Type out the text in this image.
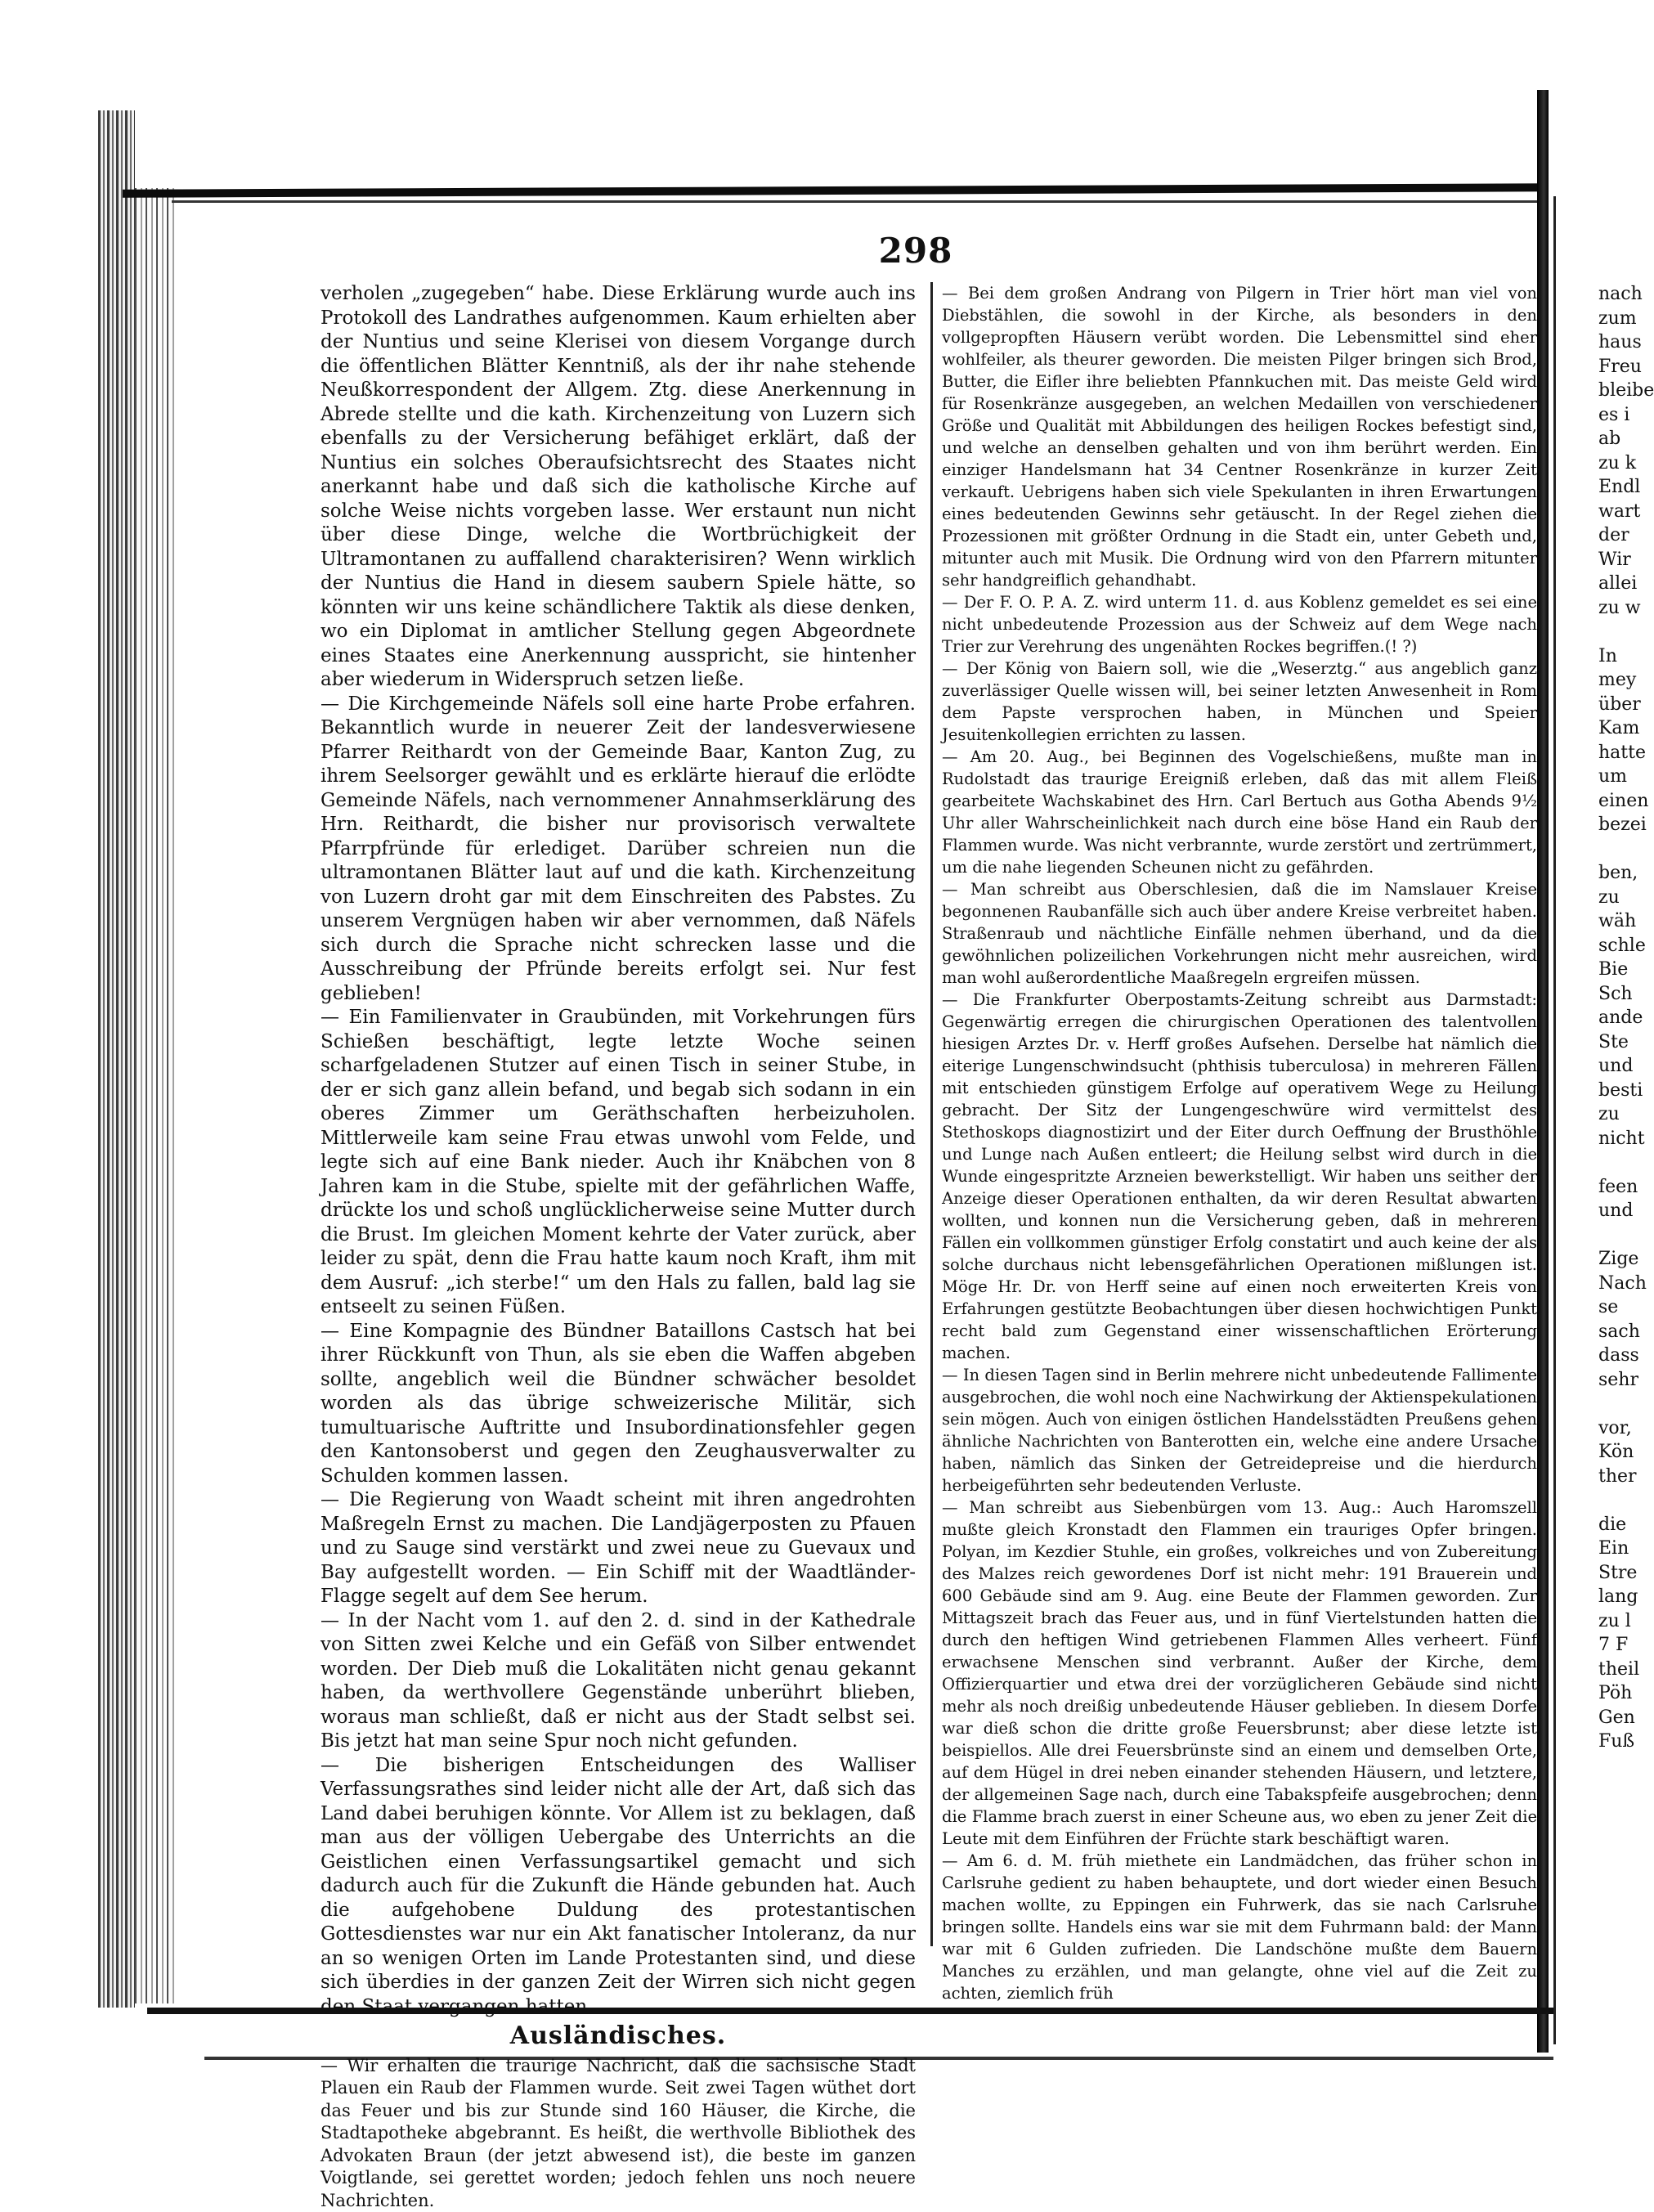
298

verholen „zugegeben“ habe. Diese Erklärung wurde auch ins Protokoll des Landrathes aufgenommen. Kaum erhielten aber der Nuntius und seine Klerisei von diesem Vorgange durch die öffentlichen Blätter Kenntniß, als der ihr nahe stehende Neußkorrespondent der Allgem. Ztg. diese Anerkennung in Abrede stellte und die kath. Kirchenzeitung von Luzern sich ebenfalls zu der Versicherung befähiget erklärt, daß der Nuntius ein solches Oberaufsichtsrecht des Staates nicht anerkannt habe und daß sich die katholische Kirche auf solche Weise nichts vorgeben lasse. Wer erstaunt nun nicht über diese Dinge, welche die Wortbrüchigkeit der Ultramontanen zu auffallend charakterisiren? Wenn wirklich der Nuntius die Hand in diesem saubern Spiele hätte, so könnten wir uns keine schändlichere Taktik als diese denken, wo ein Diplomat in amtlicher Stellung gegen Abgeordnete eines Staates eine Anerkennung ausspricht, sie hintenher aber wiederum in Widerspruch setzen ließe.

— Die Kirchgemeinde Näfels soll eine harte Probe erfahren. Bekanntlich wurde in neuerer Zeit der landesverwiesene Pfarrer Reithardt von der Gemeinde Baar, Kanton Zug, zu ihrem Seelsorger gewählt und es erklärte hierauf die erlödte Gemeinde Näfels, nach vernommener Annahmserklärung des Hrn. Reithardt, die bisher nur provisorisch verwaltete Pfarrpfründe für erlediget. Darüber schreien nun die ultramontanen Blätter laut auf und die kath. Kirchenzeitung von Luzern droht gar mit dem Einschreiten des Pabstes. Zu unserem Vergnügen haben wir aber vernommen, daß Näfels sich durch die Sprache nicht schrecken lasse und die Ausschreibung der Pfründe bereits erfolgt sei. Nur fest geblieben!

— Ein Familienvater in Graubünden, mit Vorkehrungen fürs Schießen beschäftigt, legte letzte Woche seinen scharfgeladenen Stutzer auf einen Tisch in seiner Stube, in der er sich ganz allein befand, und begab sich sodann in ein oberes Zimmer um Geräthschaften herbeizuholen. Mittlerweile kam seine Frau etwas unwohl vom Felde, und legte sich auf eine Bank nieder. Auch ihr Knäbchen von 8 Jahren kam in die Stube, spielte mit der gefährlichen Waffe, drückte los und schoß unglücklicherweise seine Mutter durch die Brust. Im gleichen Moment kehrte der Vater zurück, aber leider zu spät, denn die Frau hatte kaum noch Kraft, ihm mit dem Ausruf: „ich sterbe!“ um den Hals zu fallen, bald lag sie entseelt zu seinen Füßen.

— Eine Kompagnie des Bündner Bataillons Castsch hat bei ihrer Rückkunft von Thun, als sie eben die Waffen abgeben sollte, angeblich weil die Bündner schwächer besoldet worden als das übrige schweizerische Militär, sich tumultuarische Auftritte und Insubordinationsfehler gegen den Kantonsoberst und gegen den Zeughausverwalter zu Schulden kommen lassen.

— Die Regierung von Waadt scheint mit ihren angedrohten Maßregeln Ernst zu machen. Die Landjägerposten zu Pfauen und zu Sauge sind verstärkt und zwei neue zu Guevaux und Bay aufgestellt worden. — Ein Schiff mit der Waadtländer-Flagge segelt auf dem See herum.

— In der Nacht vom 1. auf den 2. d. sind in der Kathedrale von Sitten zwei Kelche und ein Gefäß von Silber entwendet worden. Der Dieb muß die Lokalitäten nicht genau gekannt haben, da werthvollere Gegenstände unberührt blieben, woraus man schließt, daß er nicht aus der Stadt selbst sei. Bis jetzt hat man seine Spur noch nicht gefunden.

— Die bisherigen Entscheidungen des Walliser Verfassungsrathes sind leider nicht alle der Art, daß sich das Land dabei beruhigen könnte. Vor Allem ist zu beklagen, daß man aus der völligen Uebergabe des Unterrichts an die Geistlichen einen Verfassungsartikel gemacht und sich dadurch auch für die Zukunft die Hände gebunden hat. Auch die aufgehobene Duldung des protestantischen Gottesdienstes war nur ein Akt fanatischer Intoleranz, da nur an so wenigen Orten im Lande Protestanten sind, und diese sich überdies in der ganzen Zeit der Wirren sich nicht gegen den Staat vergangen hatten.

Ausländisches.

— Wir erhalten die traurige Nachricht, daß die sächsische Stadt Plauen ein Raub der Flammen wurde. Seit zwei Tagen wüthet dort das Feuer und bis zur Stunde sind 160 Häuser, die Kirche, die Stadtapotheke abgebrannt. Es heißt, die werthvolle Bibliothek des Advokaten Braun (der jetzt abwesend ist), die beste im ganzen Voigtlande, sei gerettet worden; jedoch fehlen uns noch neuere Nachrichten.

— Bei dem großen Andrang von Pilgern in Trier hört man viel von Diebstählen, die sowohl in der Kirche, als besonders in den vollgepropften Häusern verübt worden. Die Lebensmittel sind eher wohlfeiler, als theurer geworden. Die meisten Pilger bringen sich Brod, Butter, die Eifler ihre beliebten Pfannkuchen mit. Das meiste Geld wird für Rosenkränze ausgegeben, an welchen Medaillen von verschiedener Größe und Qualität mit Abbildungen des heiligen Rockes befestigt sind, und welche an denselben gehalten und von ihm berührt werden. Ein einziger Handelsmann hat 34 Centner Rosenkränze in kurzer Zeit verkauft. Uebrigens haben sich viele Spekulanten in ihren Erwartungen eines bedeutenden Gewinns sehr getäuscht. In der Regel ziehen die Prozessionen mit größter Ordnung in die Stadt ein, unter Gebeth und, mitunter auch mit Musik. Die Ordnung wird von den Pfarrern mitunter sehr handgreiflich gehandhabt.

— Der F. O. P. A. Z. wird unterm 11. d. aus Koblenz gemeldet es sei eine nicht unbedeutende Prozession aus der Schweiz auf dem Wege nach Trier zur Verehrung des ungenähten Rockes begriffen.(! ?)

— Der König von Baiern soll, wie die „Weserztg.“ aus angeblich ganz zuverlässiger Quelle wissen will, bei seiner letzten Anwesenheit in Rom dem Papste versprochen haben, in München und Speier Jesuitenkollegien errichten zu lassen.

— Am 20. Aug., bei Beginnen des Vogelschießens, mußte man in Rudolstadt das traurige Ereigniß erleben, daß das mit allem Fleiß gearbeitete Wachskabinet des Hrn. Carl Bertuch aus Gotha Abends 9½ Uhr aller Wahrscheinlichkeit nach durch eine böse Hand ein Raub der Flammen wurde. Was nicht verbrannte, wurde zerstört und zertrümmert, um die nahe liegenden Scheunen nicht zu gefährden.

— Man schreibt aus Oberschlesien, daß die im Namslauer Kreise begonnenen Raubanfälle sich auch über andere Kreise verbreitet haben. Straßenraub und nächtliche Einfälle nehmen überhand, und da die gewöhnlichen polizeilichen Vorkehrungen nicht mehr ausreichen, wird man wohl außerordentliche Maaßregeln ergreifen müssen.

— Die Frankfurter Oberpostamts-Zeitung schreibt aus Darmstadt: Gegenwärtig erregen die chirurgischen Operationen des talentvollen hiesigen Arztes Dr. v. Herff großes Aufsehen. Derselbe hat nämlich die eiterige Lungenschwindsucht (phthisis tuberculosa) in mehreren Fällen mit entschieden günstigem Erfolge auf operativem Wege zu Heilung gebracht. Der Sitz der Lungengeschwüre wird vermittelst des Stethoskops diagnostizirt und der Eiter durch Oeffnung der Brusthöhle und Lunge nach Außen entleert; die Heilung selbst wird durch in die Wunde eingespritzte Arzneien bewerkstelligt. Wir haben uns seither der Anzeige dieser Operationen enthalten, da wir deren Resultat abwarten wollten, und konnen nun die Versicherung geben, daß in mehreren Fällen ein vollkommen günstiger Erfolg constatirt und auch keine der als solche durchaus nicht lebensgefährlichen Operationen mißlungen ist. Möge Hr. Dr. von Herff seine auf einen noch erweiterten Kreis von Erfahrungen gestützte Beobachtungen über diesen hochwichtigen Punkt recht bald zum Gegenstand einer wissenschaftlichen Erörterung machen.

— In diesen Tagen sind in Berlin mehrere nicht unbedeutende Fallimente ausgebrochen, die wohl noch eine Nachwirkung der Aktienspekulationen sein mögen. Auch von einigen östlichen Handelsstädten Preußens gehen ähnliche Nachrichten von Banterotten ein, welche eine andere Ursache haben, nämlich das Sinken der Getreidepreise und die hierdurch herbeigeführten sehr bedeutenden Verluste.

— Man schreibt aus Siebenbürgen vom 13. Aug.: Auch Haromszell mußte gleich Kronstadt den Flammen ein trauriges Opfer bringen. Polyan, im Kezdier Stuhle, ein großes, volkreiches und von Zubereitung des Malzes reich gewordenes Dorf ist nicht mehr: 191 Brauerein und 600 Gebäude sind am 9. Aug. eine Beute der Flammen geworden. Zur Mittagszeit brach das Feuer aus, und in fünf Viertelstunden hatten die durch den heftigen Wind getriebenen Flammen Alles verheert. Fünf erwachsene Menschen sind verbrannt. Außer der Kirche, dem Offizierquartier und etwa drei der vorzüglicheren Gebäude sind nicht mehr als noch dreißig unbedeutende Häuser geblieben. In diesem Dorfe war dieß schon die dritte große Feuersbrunst; aber diese letzte ist beispiellos. Alle drei Feuersbrünste sind an einem und demselben Orte, auf dem Hügel in drei neben einander stehenden Häusern, und letztere, der allgemeinen Sage nach, durch eine Tabakspfeife ausgebrochen; denn die Flamme brach zuerst in einer Scheune aus, wo eben zu jener Zeit die Leute mit dem Einführen der Früchte stark beschäftigt waren.

— Am 6. d. M. früh miethete ein Landmädchen, das früher schon in Carlsruhe gedient zu haben behauptete, und dort wieder einen Besuch machen wollte, zu Eppingen ein Fuhrwerk, das sie nach Carlsruhe bringen sollte. Handels eins war sie mit dem Fuhrmann bald: der Mann war mit 6 Gulden zufrieden. Die Landschöne mußte dem Bauern Manches zu erzählen, und man gelangte, ohne viel auf die Zeit zu achten, ziemlich früh

nach
zum
haus
Freu
bleibe
es i
ab
zu k
Endl
wart
der
Wir
allei
zu w
In
mey
über
Kam
hatte
um
einen
bezei
ben,
zu
wäh
schle
Bie
Sch
ande
Ste
und
besti
zu
nicht
feen
und
Zige
Nach
se
sach
dass
sehr
vor,
Kön
ther
die
Ein
Stre
lang
zu l
7 F
theil
Pöh
Gen
Fuß
